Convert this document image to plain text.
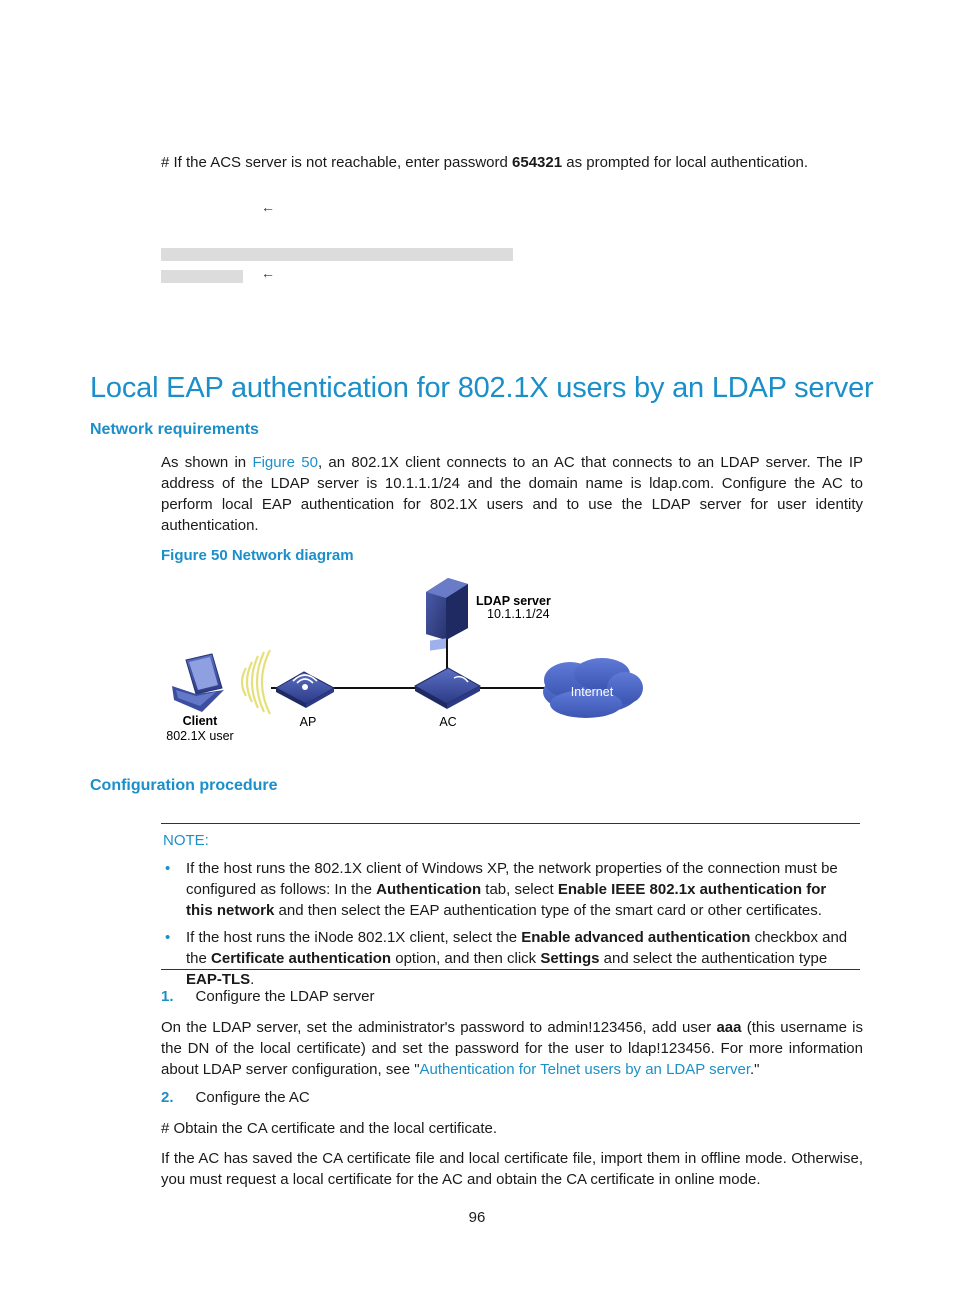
# If the ACS server is not reachable, enter password 654321 as prompted for local authentication.
←
←
Local EAP authentication for 802.1X users by an LDAP server
Network requirements
As shown in Figure 50, an 802.1X client connects to an AC that connects to an LDAP server. The IP address of the LDAP server is 10.1.1.1/24 and the domain name is ldap.com. Configure the AC to perform local EAP authentication for 802.1X users and to use the LDAP server for user identity authentication.
Figure 50 Network diagram
LDAP server
10.1.1.1/24
Internet
Client
802.1X user
AP	AC
Configuration procedure
NOTE:
• If the host runs the 802.1X client of Windows XP, the network properties of the connection must be configured as follows: In the Authentication tab, select Enable IEEE 802.1x authentication for this network and then select the EAP authentication type of the smart card or other certificates.
• If the host runs the iNode 802.1X client, select the Enable advanced authentication checkbox and the Certificate authentication option, and then click Settings and select the authentication type EAP-TLS.
1. Configure the LDAP server
On the LDAP server, set the administrator's password to admin!123456, add user aaa (this username is the DN of the local certificate) and set the password for the user to ldap!123456. For more information about LDAP server configuration, see "Authentication for Telnet users by an LDAP server."
2. Configure the AC
# Obtain the CA certificate and the local certificate.
If the AC has saved the CA certificate file and local certificate file, import them in offline mode. Otherwise, you must request a local certificate for the AC and obtain the CA certificate in online mode.
96
